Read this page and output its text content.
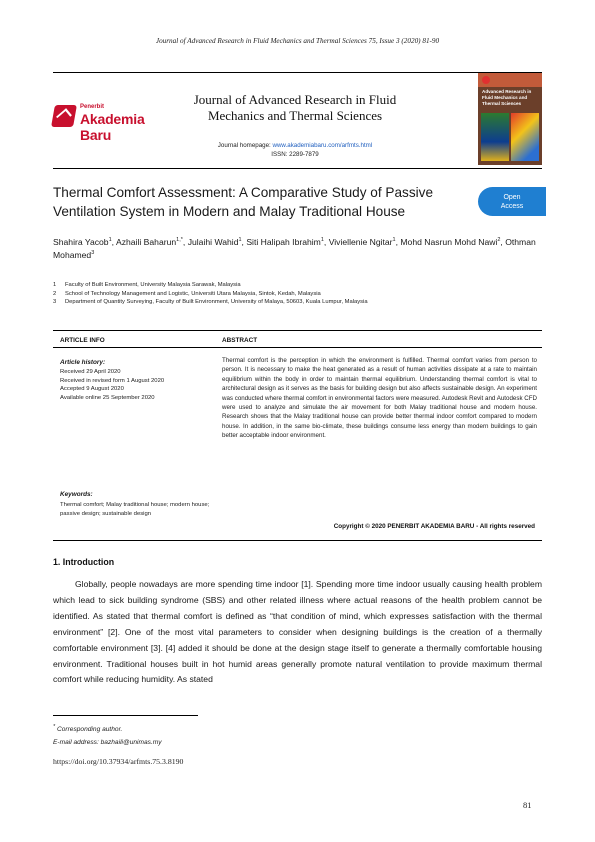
Journal of Advanced Research in Fluid Mechanics and Thermal Sciences 75, Issue 3 (2020) 81-90
Penerbit
Akademia Baru
Journal of Advanced Research in Fluid Mechanics and Thermal Sciences
Journal homepage: www.akademiabaru.com/arfmts.html
ISSN: 2289-7879
Advanced Research in Fluid Mechanics and Thermal Sciences
Thermal Comfort Assessment: A Comparative Study of Passive Ventilation System in Modern and Malay Traditional House
Open
Access
Shahira Yacob$^1$, Azhaili Baharun$^{1,*}$, Julaihi Wahid$^1$, Siti Halipah Ibrahim$^1$, Viviellenie Ngitar$^1$, Mohd Nasrun Mohd Nawi$^2$, Othman Mohamed$^3$
1	Faculty of Built Environment, University Malaysia Sarawak, Malaysia
2	School of Technology Management and Logistic, Universiti Utara Malaysia, Sintok, Kedah, Malaysia
3	Department of Quantity Surveying, Faculty of Built Environment, University of Malaya, 50603, Kuala Lumpur, Malaysia
ARTICLE INFO	ABSTRACT
Article history:
Received 29 April 2020
Received in revised form 1 August 2020
Accepted 9 August 2020
Available online 25 September 2020
Keywords:
Thermal comfort; Malay traditional house; modern house; passive design; sustainable design
Thermal comfort is the perception in which the environment is fulfilled. Thermal comfort varies from person to person. It is necessary to make the heat generated as a result of human activities dissipate at a rate to maintain equilibrium within the body in order to maintain thermal equilibrium. Understanding thermal comfort is vital to architectural design as it serves as the basis for building design but also affects sustainable design. An experiment was conducted where thermal comfort in environmental factors were measured. Autodesk Revit and Autodesk CFD were used to analyze and simulate the air movement for both Malay traditional house and modern house. Research shows that the Malay traditional house can provide better thermal indoor comfort compared to modern house. In addition, in the same bio-climate, these buildings consume less energy than modern buildings to gain better acceptable indoor environment.
Copyright © 2020 PENERBIT AKADEMIA BARU - All rights reserved
1. Introduction
Globally, people nowadays are more spending time indoor [1]. Spending more time indoor usually causing health problem which lead to sick building syndrome (SBS) and other related illness where actual reasons of the health problem cannot be identified. As stated that thermal comfort is defined as “that condition of mind, which expresses satisfaction with the thermal environment” [2]. One of the most vital parameters to consider when designing buildings is the creation of a thermally comfortable environment [3]. [4] added it should be done at the design stage itself to generate a thermally comfortable housing environment. Traditional houses built in hot humid areas generally promote natural ventilation to provide maximum thermal comfort while reducing humidity. As stated
* Corresponding author.
E-mail address: bazhaili@unimas.my
https://doi.org/10.37934/arfmts.75.3.8190
81
